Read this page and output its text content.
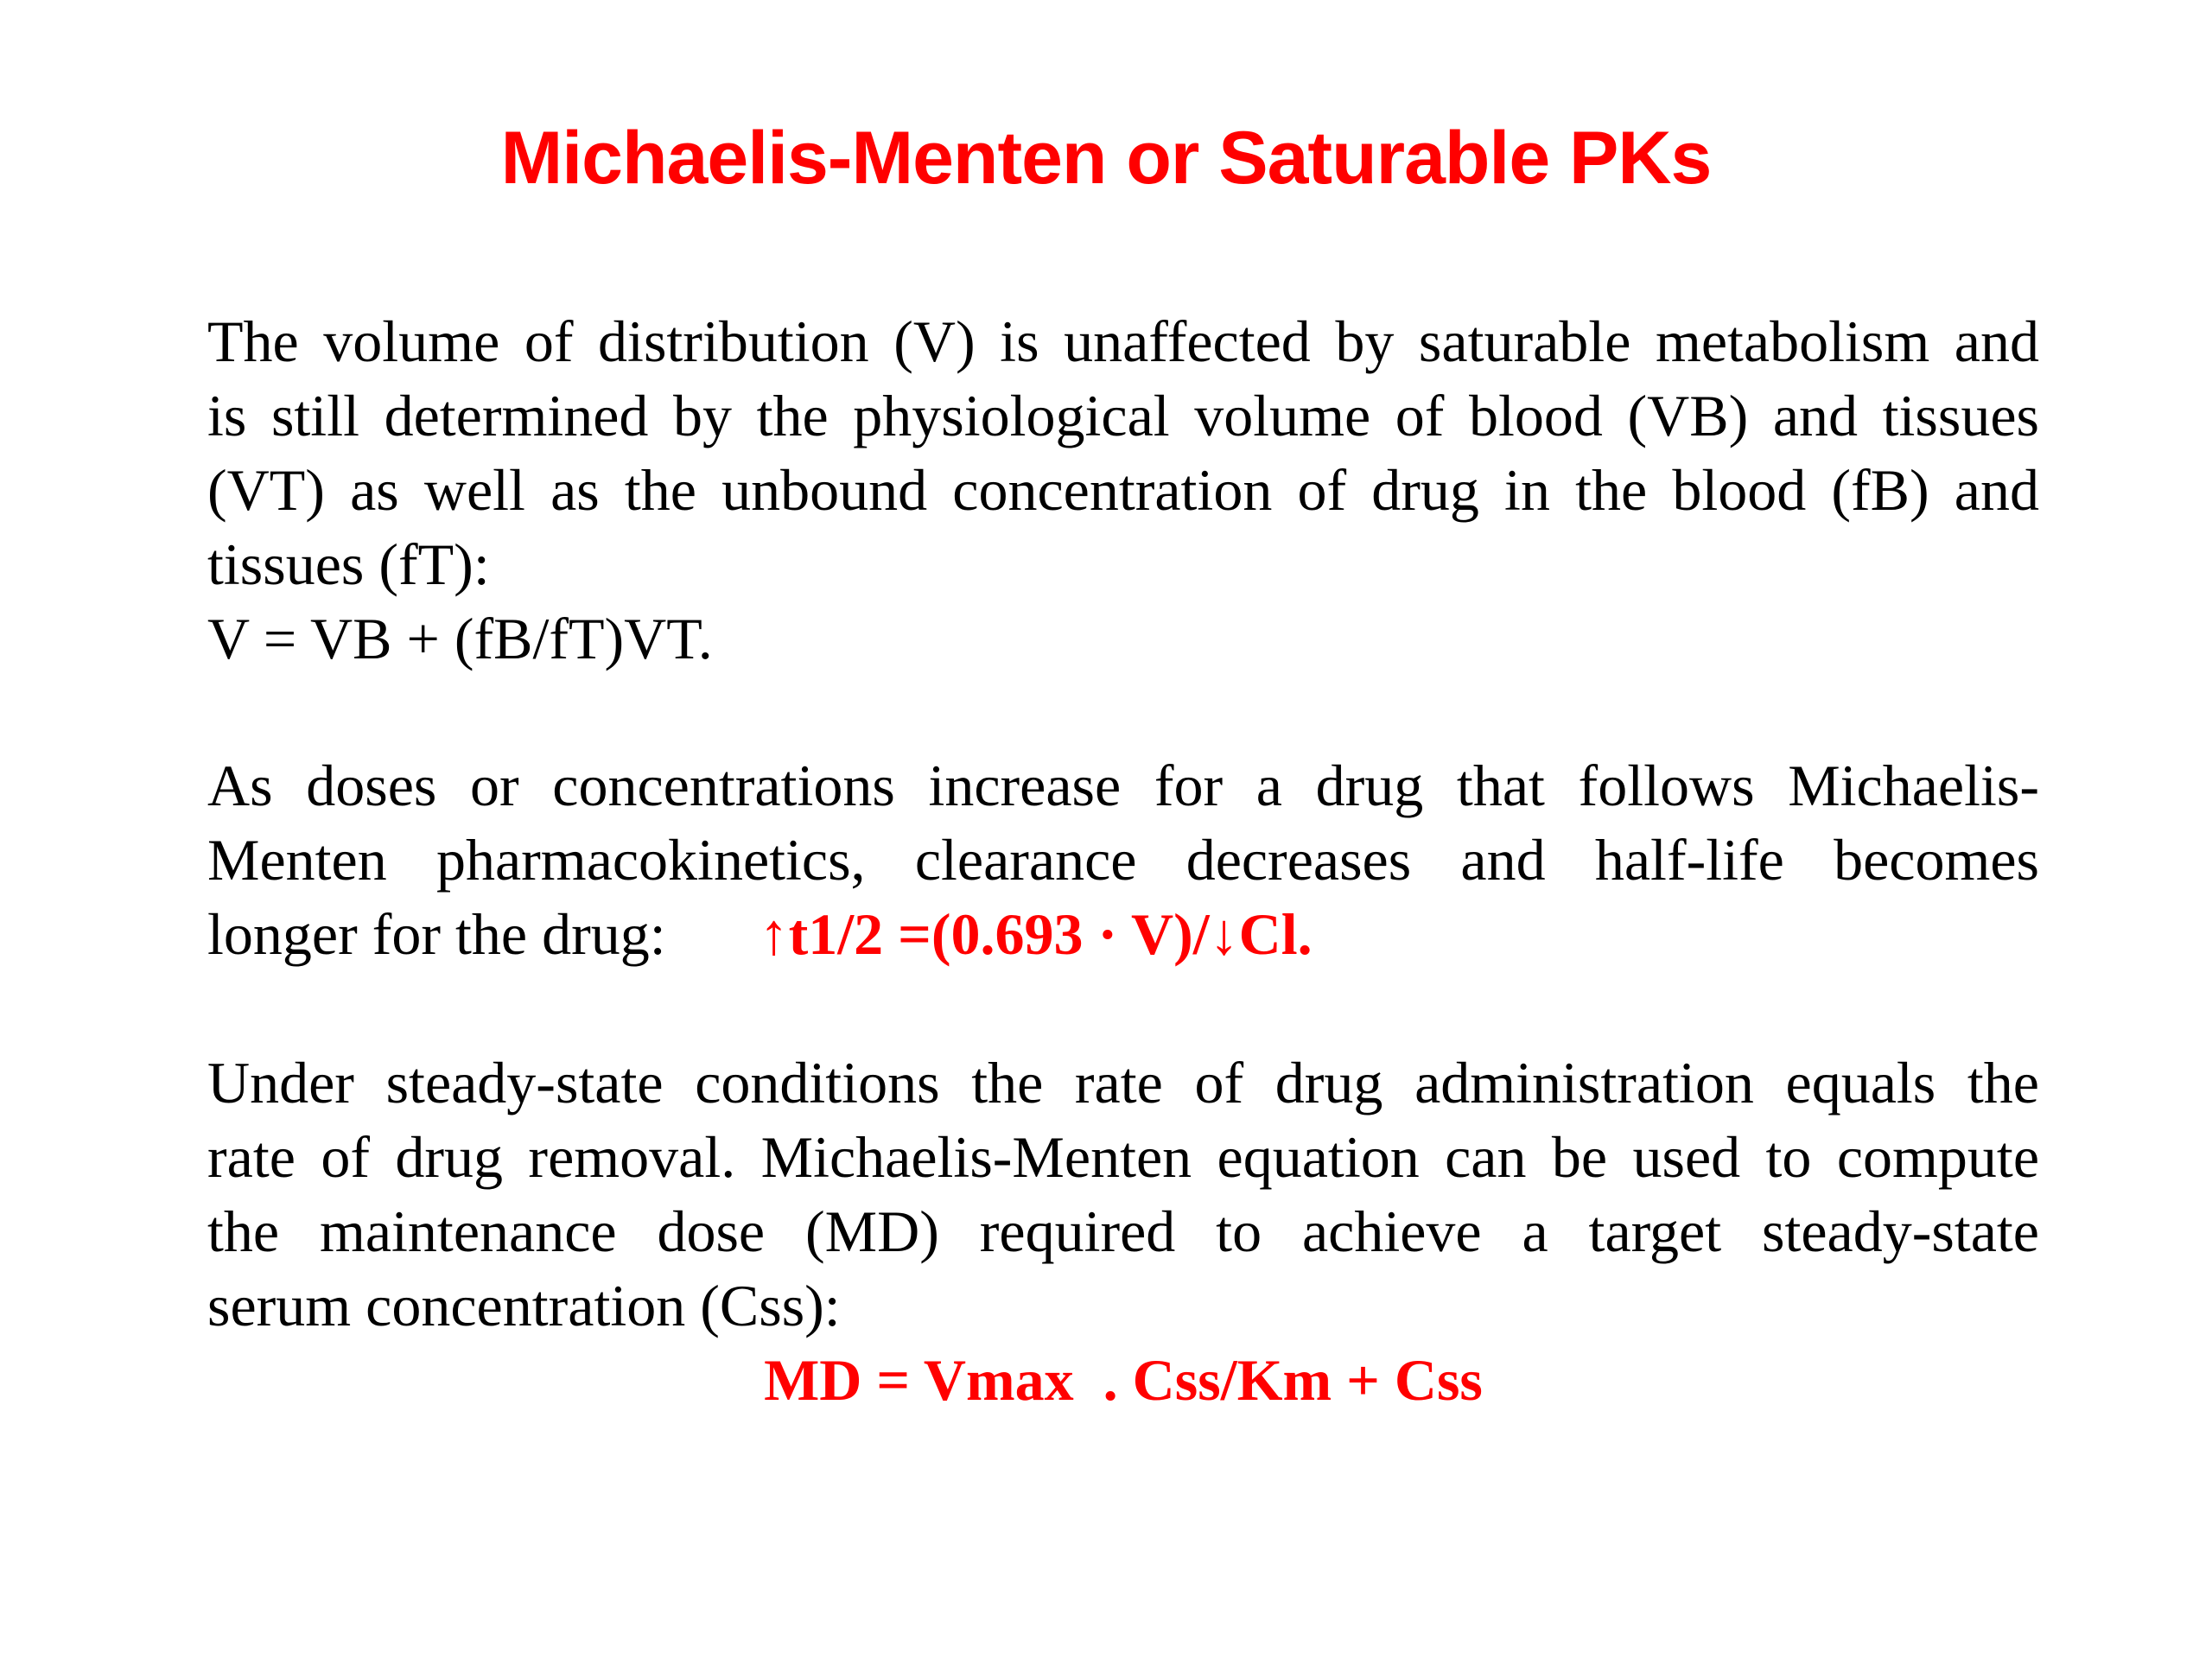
Michaelis-Menten or Saturable PKs
The volume of distribution (V) is unaffected by saturable metabolism and
is still determined by the physiological volume of blood (VB) and tissues
(VT) as well as the unbound concentration of drug in the blood (fB) and
tissues (fT):
V = VB + (fB/fT)VT.
As doses or concentrations increase for a drug that follows Michaelis-
Menten pharmacokinetics, clearance decreases and half-life becomes
longer for the drug: ↑t1/2 =(0.693 · V)/↓Cl.
Under steady-state conditions the rate of drug administration equals the
rate of drug removal. Michaelis-Menten equation can be used to compute
the maintenance dose (MD) required to achieve a target steady-state
serum concentration (Css):
MD = Vmax  . Css/Km + Css
